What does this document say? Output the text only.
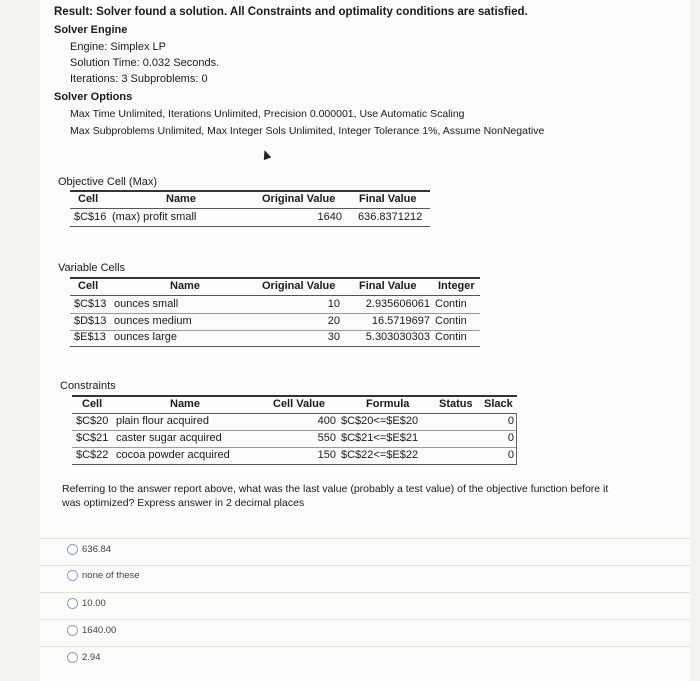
Result: Solver found a solution. All Constraints and optimality conditions are satisfied.
Solver Engine
Engine: Simplex LP
Solution Time: 0.032 Seconds.
Iterations: 3 Subproblems: 0
Solver Options
Max Time Unlimited, Iterations Unlimited, Precision 0.000001, Use Automatic Scaling
Max Subproblems Unlimited, Max Integer Sols Unlimited, Integer Tolerance 1%, Assume NonNegative
Objective Cell (Max)
Cell	Name	Original Value Final Value
$C$16 (max) profit small	1640 636.8371212
Variable Cells
Cell	Name	Original Value Final Value Integer
$C$13 ounces small	10	2.935606061 Contin
$D$13 ounces medium	20	16.5719697 Contin
$E$13 ounces large	30	5.303030303 Contin
Constraints
Cell	Name	Cell Value	Formula	Status Slack
$C$20 plain flour acquired	400 $C$20<=$E$20	0
$C$21 caster sugar acquired	550 $C$21<=$E$21	0
$C$22 cocoa powder acquired	150 $C$22<=$E$22	0
Referring to the answer report above, what was the last value (probably a test value) of the objective function before it
was optimized? Express answer in 2 decimal places
636.84
none of these
10.00
1640.00
2.94
